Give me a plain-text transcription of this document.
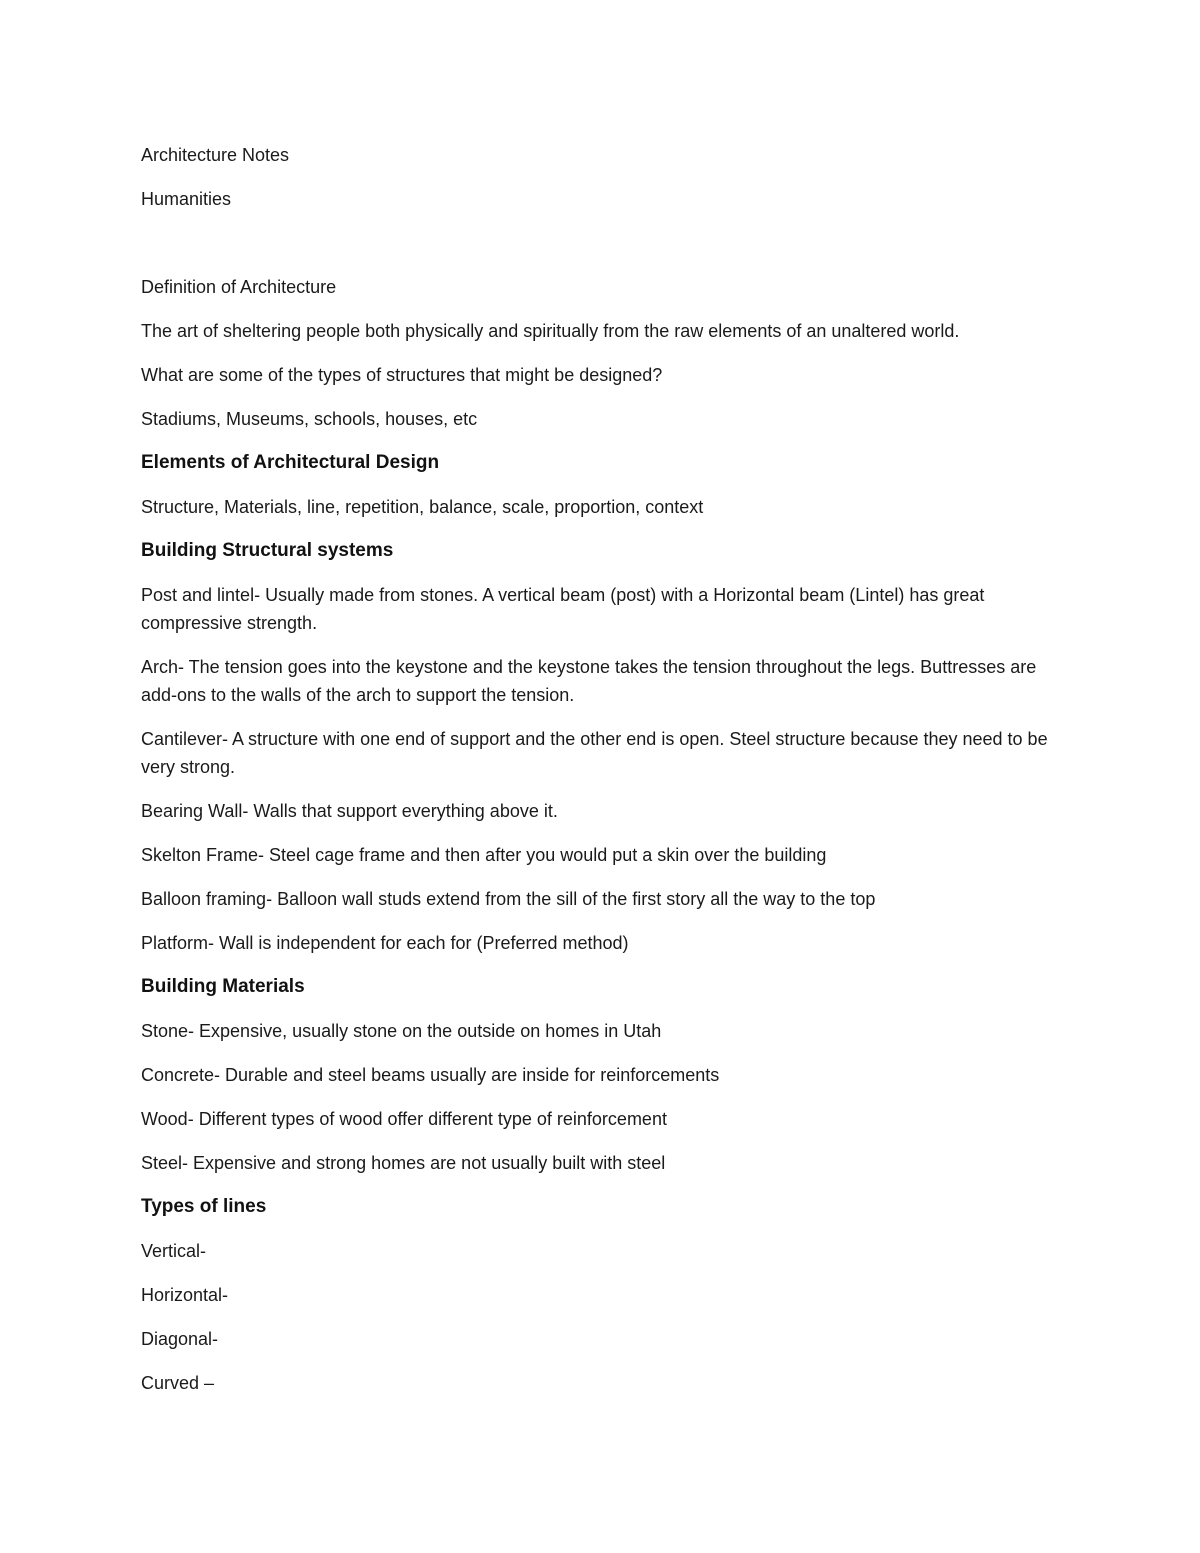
Architecture Notes

Humanities

Definition of Architecture

The art of sheltering people both physically and spiritually from the raw elements of an unaltered world.

What are some of the types of structures that might be designed?

Stadiums, Museums, schools, houses, etc

Elements of Architectural Design

Structure, Materials, line, repetition, balance, scale, proportion, context

Building Structural systems

Post and lintel- Usually made from stones. A vertical beam (post) with a Horizontal beam (Lintel) has great compressive strength.

Arch- The tension goes into the keystone and the keystone takes the tension throughout the legs. Buttresses are add-ons to the walls of the arch to support the tension.

Cantilever- A structure with one end of support and the other end is open. Steel structure because they need to be very strong.

Bearing Wall- Walls that support everything above it.

Skelton Frame- Steel cage frame and then after you would put a skin over the building

Balloon framing- Balloon wall studs extend from the sill of the first story all the way to the top

Platform- Wall is independent for each for (Preferred method)

Building Materials

Stone- Expensive, usually stone on the outside on homes in Utah

Concrete- Durable and steel beams usually are inside for reinforcements

Wood- Different types of wood offer different type of reinforcement

Steel- Expensive and strong homes are not usually built with steel

Types of lines

Vertical-

Horizontal-

Diagonal-

Curved –
